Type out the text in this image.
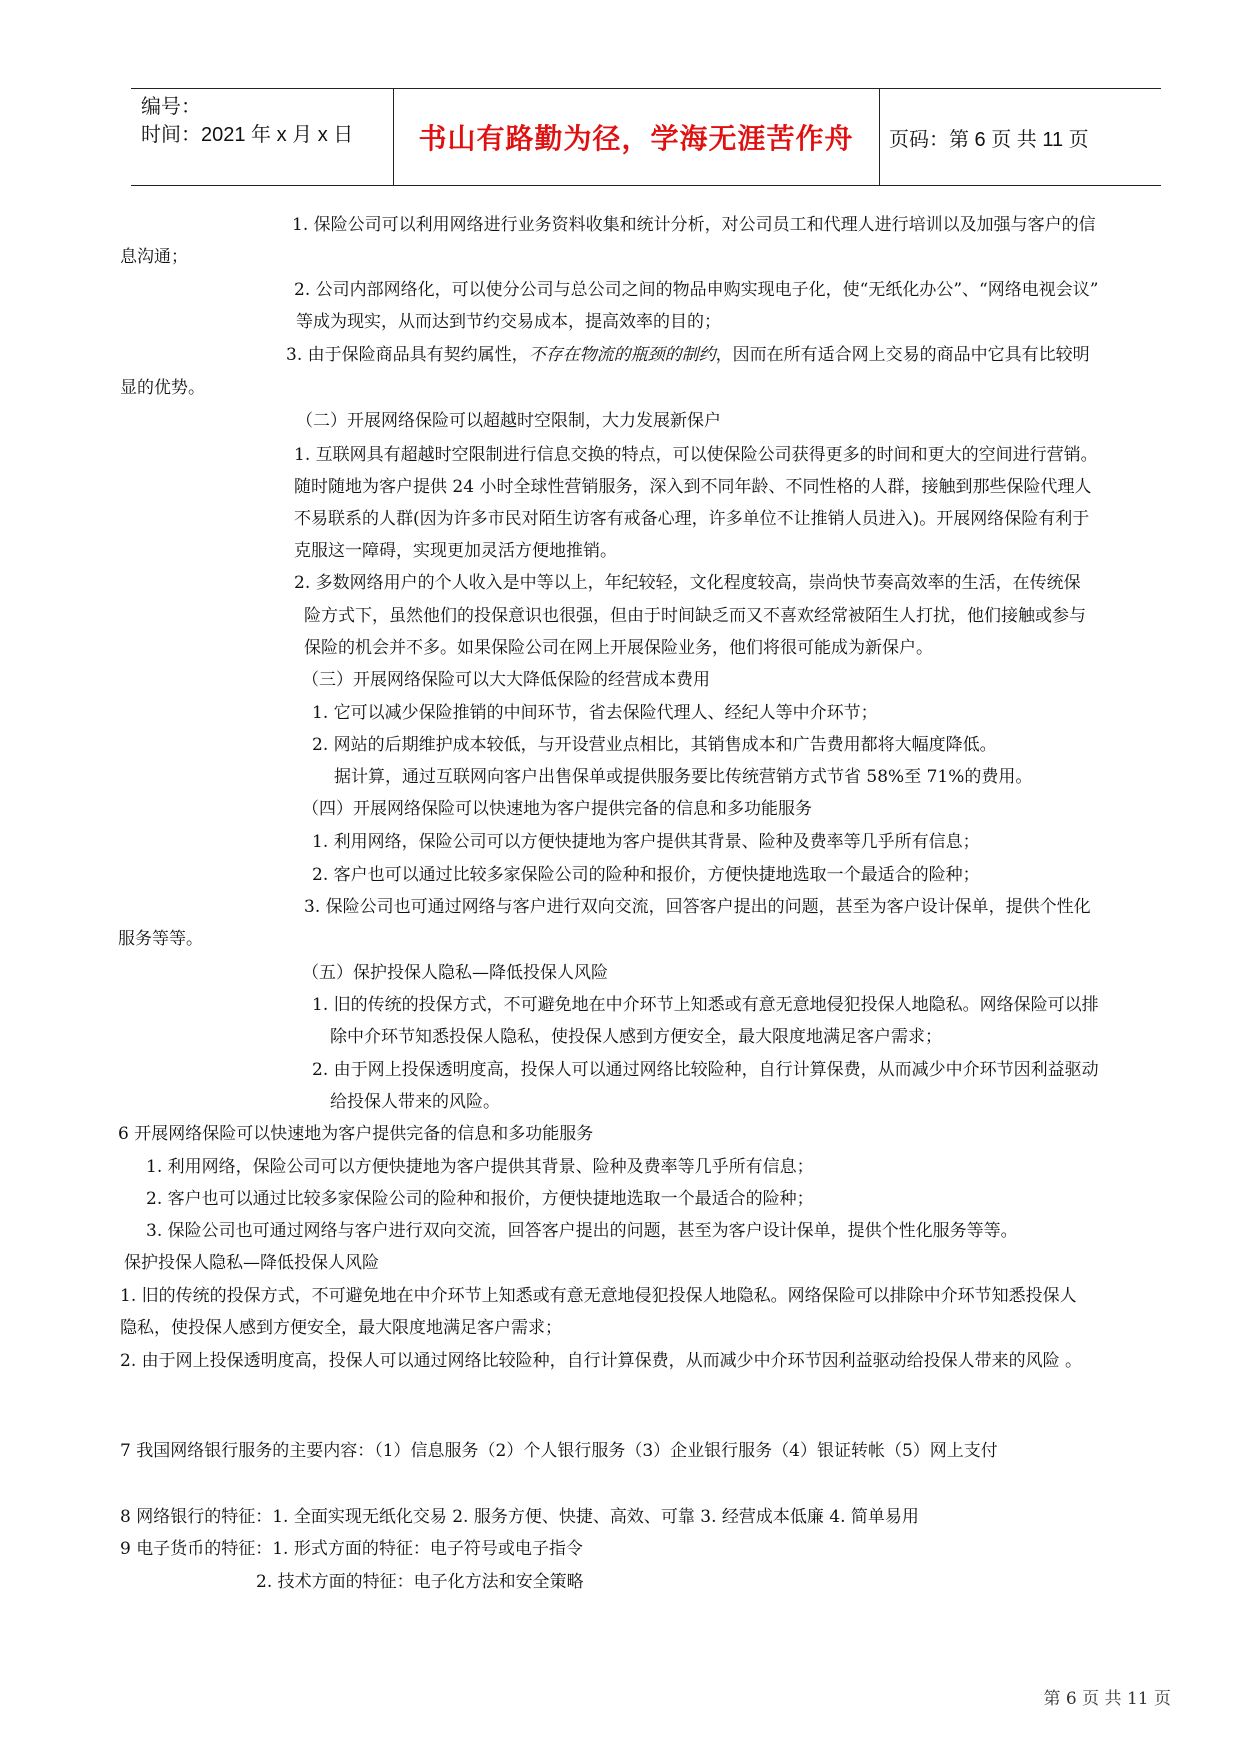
编号：
时间：2021 年 x 月 x 日	书山有路勤为径，学海无涯苦作舟	页码：第 6 页 共 11 页
1. 保险公司可以利用网络进行业务资料收集和统计分析，对公司员工和代理人进行培训以及加强与客户的信
息沟通；
2. 公司内部网络化，可以使分公司与总公司之间的物品申购实现电子化，使“无纸化办公”、“网络电视会议”
等成为现实，从而达到节约交易成本，提高效率的目的；
3. 由于保险商品具有契约属性，不存在物流的瓶颈的制约，因而在所有适合网上交易的商品中它具有比较明
显的优势。
（二）开展网络保险可以超越时空限制，大力发展新保户
1. 互联网具有超越时空限制进行信息交换的特点，可以使保险公司获得更多的时间和更大的空间进行营销。
随时随地为客户提供 24 小时全球性营销服务，深入到不同年龄、不同性格的人群，接触到那些保险代理人
不易联系的人群(因为许多市民对陌生访客有戒备心理，许多单位不让推销人员进入)。开展网络保险有利于
克服这一障碍，实现更加灵活方便地推销。
2. 多数网络用户的个人收入是中等以上，年纪较轻，文化程度较高，崇尚快节奏高效率的生活，在传统保
险方式下，虽然他们的投保意识也很强，但由于时间缺乏而又不喜欢经常被陌生人打扰，他们接触或参与
保险的机会并不多。如果保险公司在网上开展保险业务，他们将很可能成为新保户。
（三）开展网络保险可以大大降低保险的经营成本费用
1. 它可以减少保险推销的中间环节，省去保险代理人、经纪人等中介环节；
2. 网站的后期维护成本较低，与开设营业点相比，其销售成本和广告费用都将大幅度降低。
据计算，通过互联网向客户出售保单或提供服务要比传统营销方式节省 58%至 71%的费用。
（四）开展网络保险可以快速地为客户提供完备的信息和多功能服务
1. 利用网络，保险公司可以方便快捷地为客户提供其背景、险种及费率等几乎所有信息；
2. 客户也可以通过比较多家保险公司的险种和报价，方便快捷地选取一个最适合的险种；
3. 保险公司也可通过网络与客户进行双向交流，回答客户提出的问题，甚至为客户设计保单，提供个性化
服务等等。
（五）保护投保人隐私—降低投保人风险
1. 旧的传统的投保方式，不可避免地在中介环节上知悉或有意无意地侵犯投保人地隐私。网络保险可以排
除中介环节知悉投保人隐私，使投保人感到方便安全，最大限度地满足客户需求；
2. 由于网上投保透明度高，投保人可以通过网络比较险种，自行计算保费，从而减少中介环节因利益驱动
给投保人带来的风险。
6 开展网络保险可以快速地为客户提供完备的信息和多功能服务
1. 利用网络，保险公司可以方便快捷地为客户提供其背景、险种及费率等几乎所有信息；
2. 客户也可以通过比较多家保险公司的险种和报价，方便快捷地选取一个最适合的险种；
3. 保险公司也可通过网络与客户进行双向交流，回答客户提出的问题，甚至为客户设计保单，提供个性化服务等等。
保护投保人隐私—降低投保人风险
1. 旧的传统的投保方式，不可避免地在中介环节上知悉或有意无意地侵犯投保人地隐私。网络保险可以排除中介环节知悉投保人
隐私，使投保人感到方便安全，最大限度地满足客户需求；
2. 由于网上投保透明度高，投保人可以通过网络比较险种，自行计算保费，从而减少中介环节因利益驱动给投保人带来的风险 。
7 我国网络银行服务的主要内容：（1）信息服务（2）个人银行服务（3）企业银行服务（4）银证转帐（5）网上支付
8 网络银行的特征：1. 全面实现无纸化交易 2. 服务方便、快捷、高效、可靠 3. 经营成本低廉 4. 简单易用
9 电子货币的特征：1. 形式方面的特征：电子符号或电子指令
2. 技术方面的特征：电子化方法和安全策略
第 6 页 共 11 页
